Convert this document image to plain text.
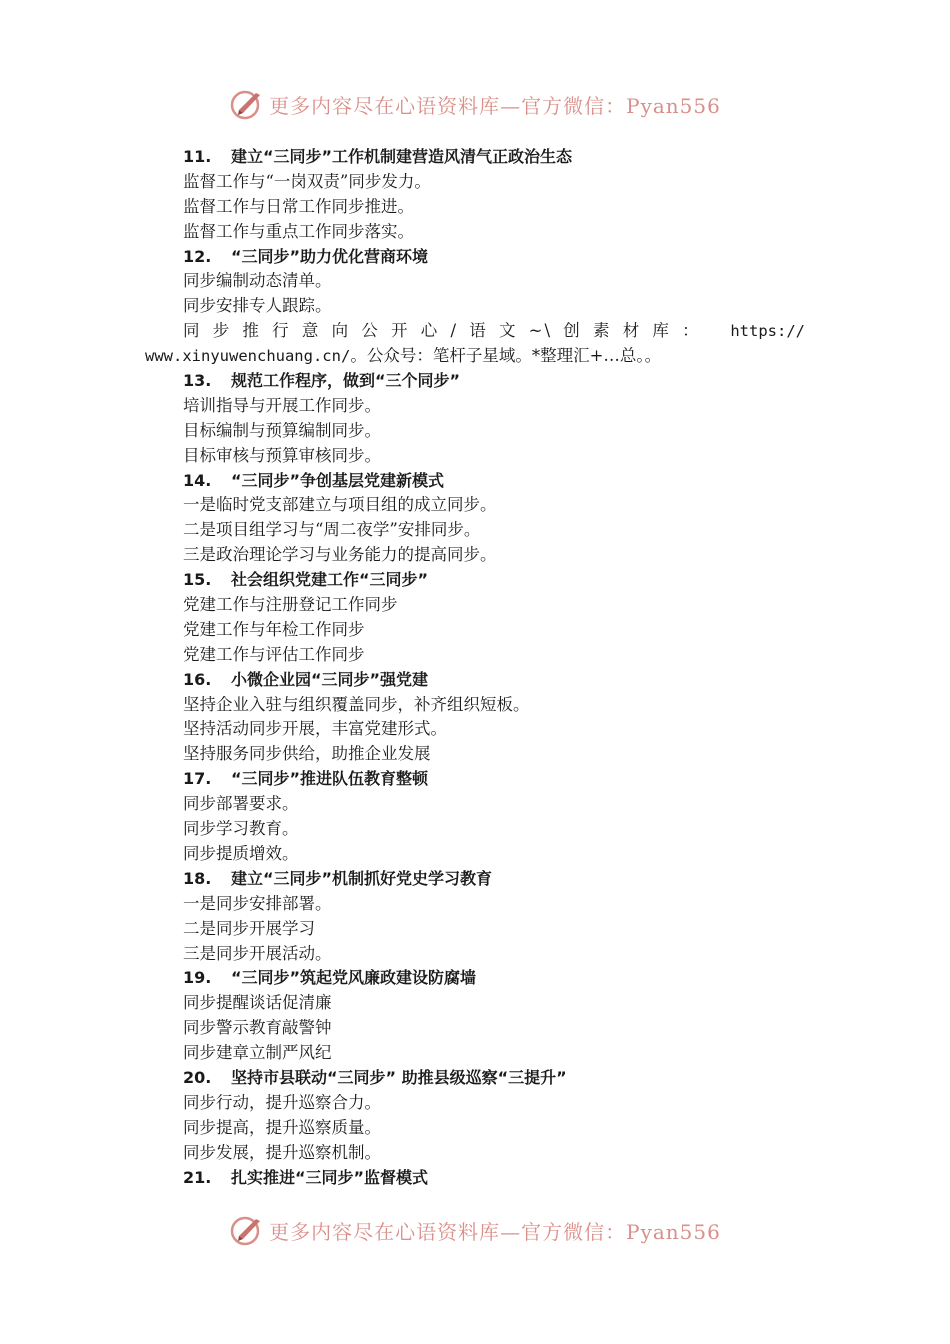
更多内容尽在心语资料库—官方微信：Pyan556
11. 建立“三同步”工作机制建营造风清气正政治生态
监督工作与“一岗双责”同步发力。
监督工作与日常工作同步推进。
监督工作与重点工作同步落实。
12. “三同步”助力优化营商环境
同步编制动态清单。
同步安排专人跟踪。
同步推行意向公开心/语文~\创素材库： https://
www.xinyuwenchuang.cn/。公众号：笔杆子星域。*整理汇+…总。。
13. 规范工作程序，做到“三个同步”
培训指导与开展工作同步。
目标编制与预算编制同步。
目标审核与预算审核同步。
14. “三同步”争创基层党建新模式
一是临时党支部建立与项目组的成立同步。
二是项目组学习与“周二夜学”安排同步。
三是政治理论学习与业务能力的提高同步。
15. 社会组织党建工作“三同步”
党建工作与注册登记工作同步
党建工作与年检工作同步
党建工作与评估工作同步
16. 小微企业园“三同步”强党建
坚持企业入驻与组织覆盖同步，补齐组织短板。
坚持活动同步开展，丰富党建形式。
坚持服务同步供给，助推企业发展
17. “三同步”推进队伍教育整顿
同步部署要求。
同步学习教育。
同步提质增效。
18. 建立“三同步”机制抓好党史学习教育
一是同步安排部署。
二是同步开展学习
三是同步开展活动。
19. “三同步”筑起党风廉政建设防腐墙
同步提醒谈话促清廉
同步警示教育敲警钟
同步建章立制严风纪
20. 坚持市县联动“三同步” 助推县级巡察“三提升”
同步行动，提升巡察合力。
同步提高，提升巡察质量。
同步发展，提升巡察机制。
21. 扎实推进“三同步”监督模式
更多内容尽在心语资料库—官方微信：Pyan556
